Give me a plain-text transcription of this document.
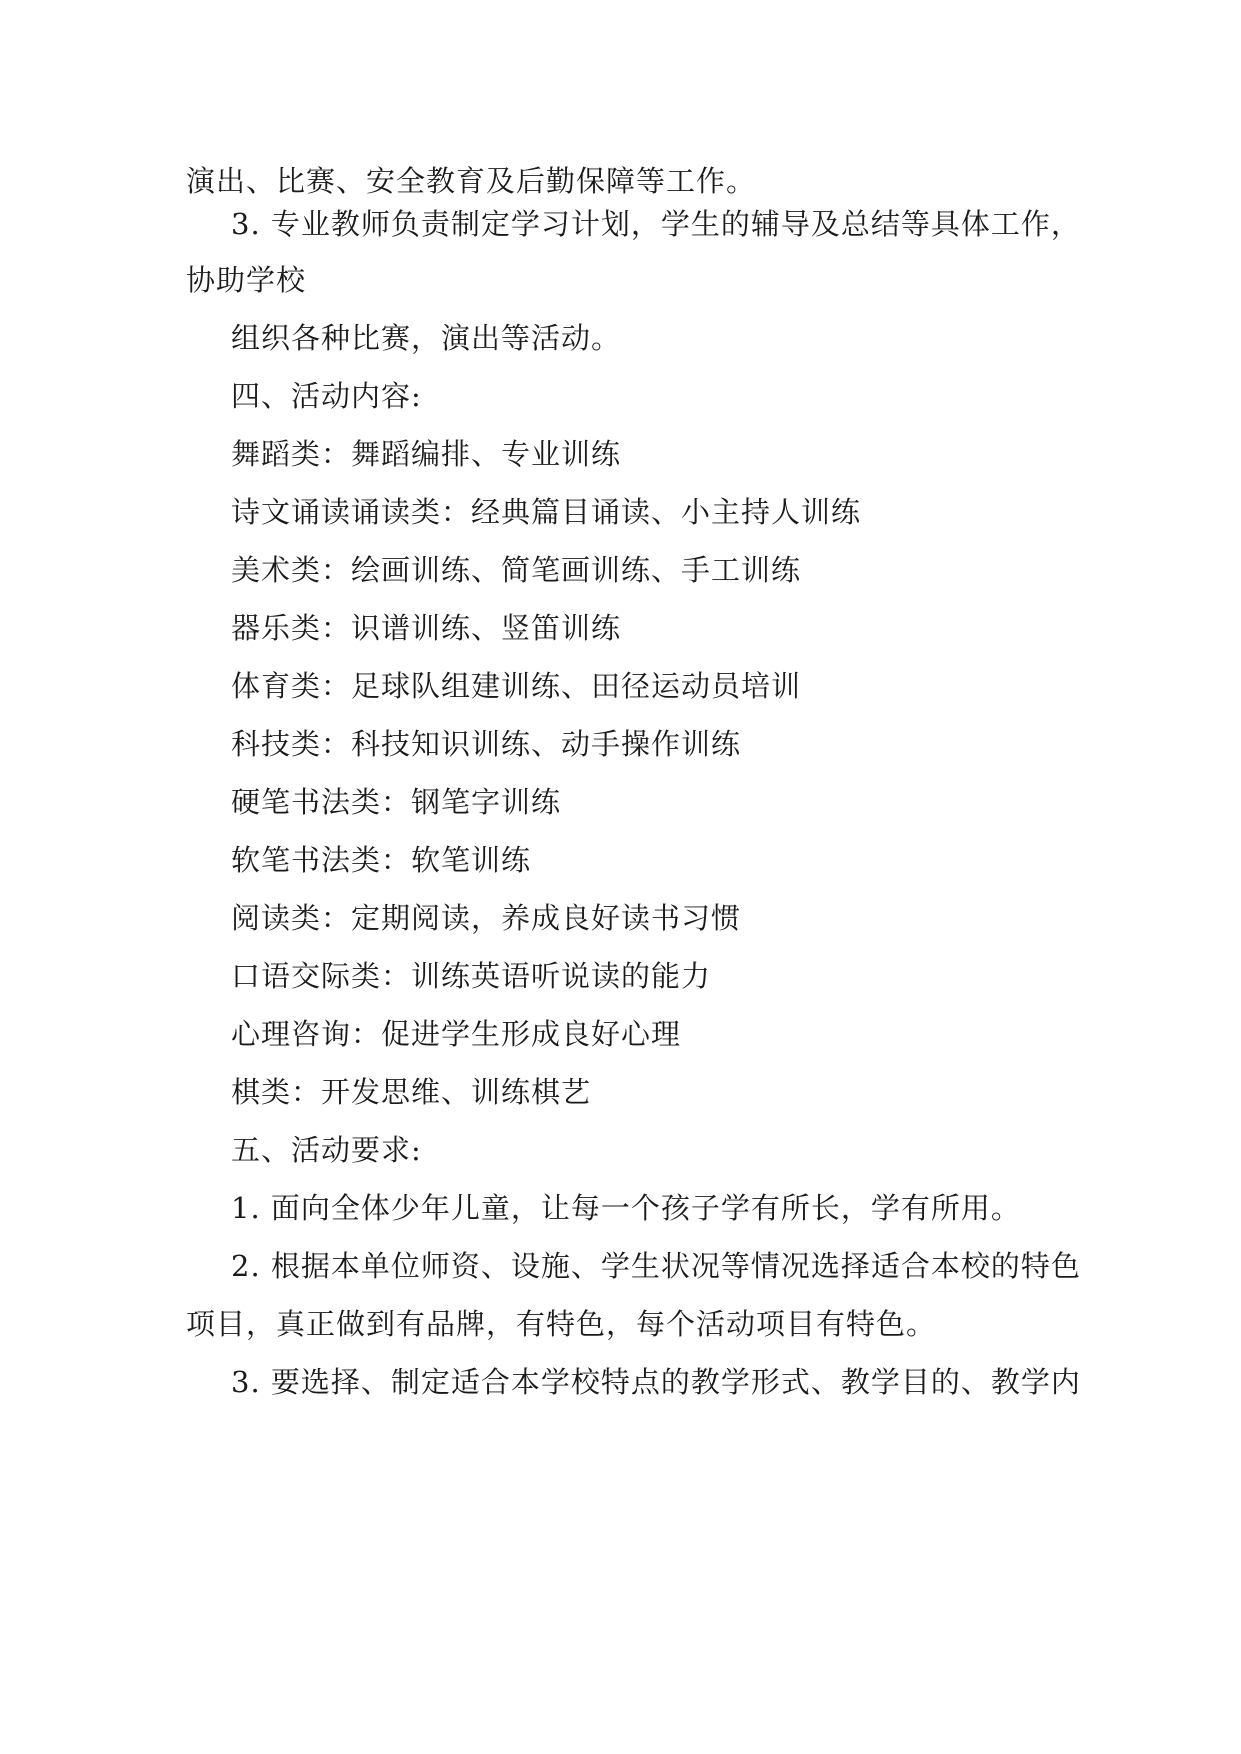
演出、比赛、安全教育及后勤保障等工作。
3. 专业教师负责制定学习计划，学生的辅导及总结等具体工作，
协助学校
组织各种比赛，演出等活动。
四、活动内容:
舞蹈类：舞蹈编排、专业训练
诗文诵读诵读类：经典篇目诵读、小主持人训练
美术类：绘画训练、简笔画训练、手工训练
器乐类：识谱训练、竖笛训练
体育类：足球队组建训练、田径运动员培训
科技类：科技知识训练、动手操作训练
硬笔书法类：钢笔字训练
软笔书法类：软笔训练
阅读类：定期阅读，养成良好读书习惯
口语交际类：训练英语听说读的能力
心理咨询：促进学生形成良好心理
棋类：开发思维、训练棋艺
五、活动要求:
1. 面向全体少年儿童，让每一个孩子学有所长，学有所用。
2. 根据本单位师资、设施、学生状况等情况选择适合本校的特色
项目，真正做到有品牌，有特色，每个活动项目有特色。
3. 要选择、制定适合本学校特点的教学形式、教学目的、教学内
